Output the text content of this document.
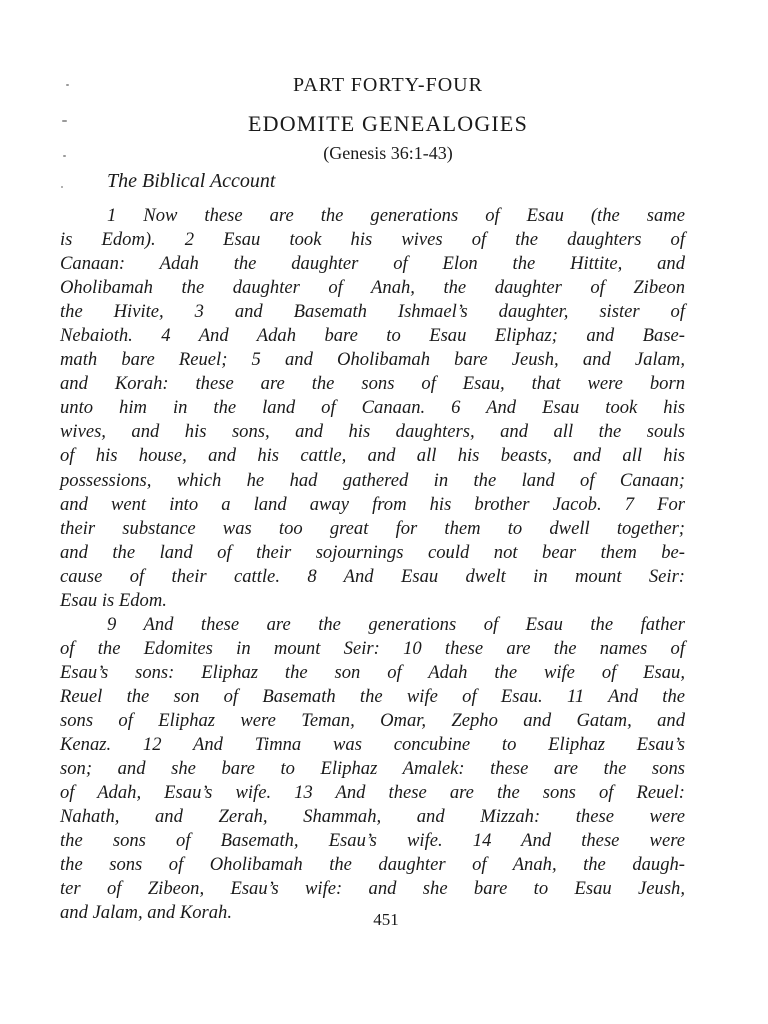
PART FORTY-FOUR
EDOMITE GENEALOGIES
(Genesis 36:1-43)
The Biblical Account
1 Now these are the generations of Esau (the same
is Edom). 2 Esau took his wives of the daughters of
Canaan: Adah the daughter of Elon the Hittite, and
Oholibamah the daughter of Anah, the daughter of Zibeon
the Hivite, 3 and Basemath Ishmael’s daughter, sister of
Nebaioth. 4 And Adah bare to Esau Eliphaz; and Base-
math bare Reuel; 5 and Oholibamah bare Jeush, and Jalam,
and Korah: these are the sons of Esau, that were born
unto him in the land of Canaan. 6 And Esau took his
wives, and his sons, and his daughters, and all the souls
of his house, and his cattle, and all his beasts, and all his
possessions, which he had gathered in the land of Canaan;
and went into a land away from his brother Jacob. 7 For
their substance was too great for them to dwell together;
and the land of their sojournings could not bear them be-
cause of their cattle. 8 And Esau dwelt in mount Seir:
Esau is Edom.
9 And these are the generations of Esau the father
of the Edomites in mount Seir: 10 these are the names of
Esau’s sons: Eliphaz the son of Adah the wife of Esau,
Reuel the son of Basemath the wife of Esau. 11 And the
sons of Eliphaz were Teman, Omar, Zepho and Gatam, and
Kenaz. 12 And Timna was concubine to Eliphaz Esau’s
son; and she bare to Eliphaz Amalek: these are the sons
of Adah, Esau’s wife. 13 And these are the sons of Reuel:
Nahath, and Zerah, Shammah, and Mizzah: these were
the sons of Basemath, Esau’s wife. 14 And these were
the sons of Oholibamah the daughter of Anah, the daugh-
ter of Zibeon, Esau’s wife: and she bare to Esau Jeush,
and Jalam, and Korah.	451
